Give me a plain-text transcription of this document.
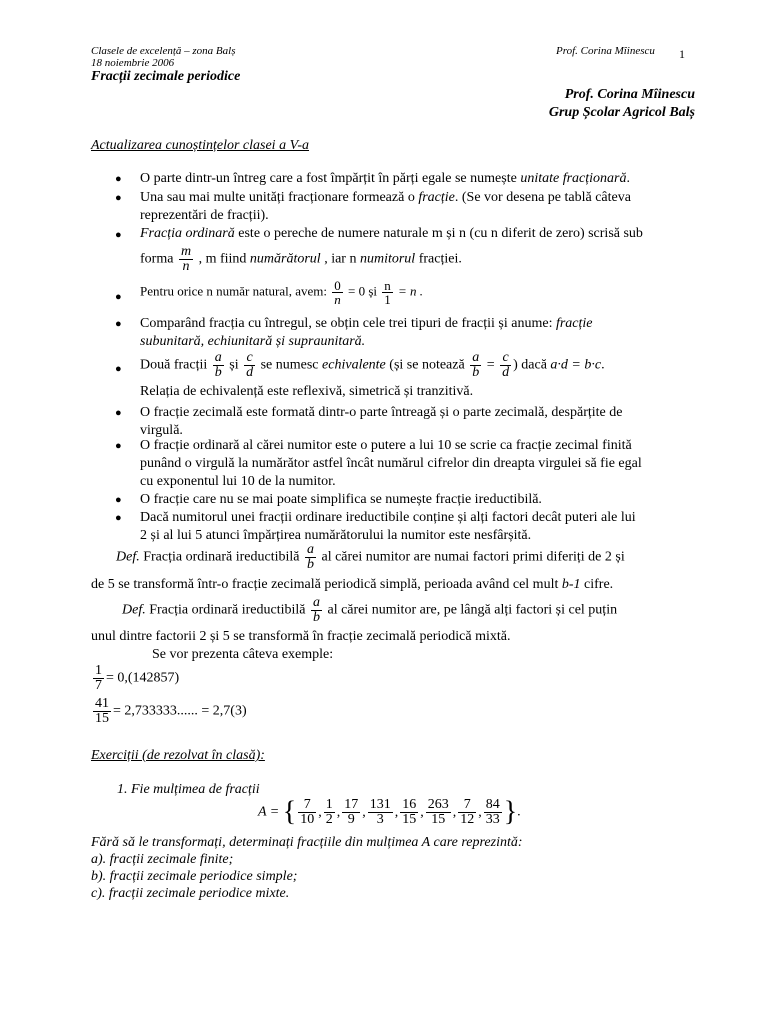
Clasele de excelență – zona Balș
18 noiembrie 2006
Prof. Corina Mîinescu 1
Fracții zecimale periodice
Prof. Corina Mîinescu
Grup Școlar Agricol Balș
Actualizarea cunoștințelor clasei a V-a
● O parte dintr-un întreg care a fost împărțit în părți egale se numește unitate fracționară.
● Una sau mai multe unități fracționare formează o fracție. (Se vor desena pe tablă câteva
reprezentări de fracții).
● Fracția ordinară este o pereche de numere naturale m și n (cu n diferit de zero) scrisă sub
forma $\frac{m}{n}$ , m fiind numărătorul , iar n numitorul fracției.
● Pentru orice n număr natural, avem: $\frac{0}{n} = 0$ și $\frac{n}{1} = n$ .
● Comparând fracția cu întregul, se obțin cele trei tipuri de fracții și anume: fracție
subunitară, echiunitară și supraunitară.
● Două fracții $\frac{a}{b}$ și $\frac{c}{d}$ se numesc echivalente (și se notează $\frac{a}{b} = \frac{c}{d}$ ) dacă a·d = b·c.
Relația de echivalență este reflexivă, simetrică și tranzitivă.
● O fracție zecimală este formată dintr-o parte întreagă și o parte zecimală, despărțite de
virgulă.
● O fracție ordinară al cărei numitor este o putere a lui 10 se scrie ca fracție zecimal finită
punând o virgulă la numărător astfel încât numărul cifrelor din dreapta virgulei să fie egal
cu exponentul lui 10 de la numitor.
● O fracție care nu se mai poate simplifica se numește fracție ireductibilă.
● Dacă numitorul unei fracții ordinare ireductibile conține și alți factori decât puteri ale lui
2 și al lui 5 atunci împărțirea numărătorului la numitor este nesfârșită.
Def. Fracția ordinară ireductibilă $\frac{a}{b}$ al cărei numitor are numai factori primi diferiți de 2 și
de 5 se transformă într-o fracție zecimală periodică simplă, perioada având cel mult b-1 cifre.
Def. Fracția ordinară ireductibilă $\frac{a}{b}$ al cărei numitor are, pe lângă alți factori și cel puțin
unul dintre factorii 2 și 5 se transformă în fracție zecimală periodică mixtă.
Se vor prezenta câteva exemple:
$\frac{1}{7} = 0,(142857)$
$\frac{41}{15} = 2,733333$...... = 2,7(3)
Exerciții (de rezolvat în clasă):
1. Fie mulțimea de fracții
A = { $\frac{7}{10}$ , $\frac{1}{2}$ , $\frac{17}{9}$ , $\frac{131}{3}$ , $\frac{16}{15}$ , $\frac{263}{15}$ , $\frac{7}{12}$ , $\frac{84}{33}$ }.
Fără să le transformați, determinați fracțiile din mulțimea A care reprezintă:
a). fracții zecimale finite;
b). fracții zecimale periodice simple;
c). fracții zecimale periodice mixte.
